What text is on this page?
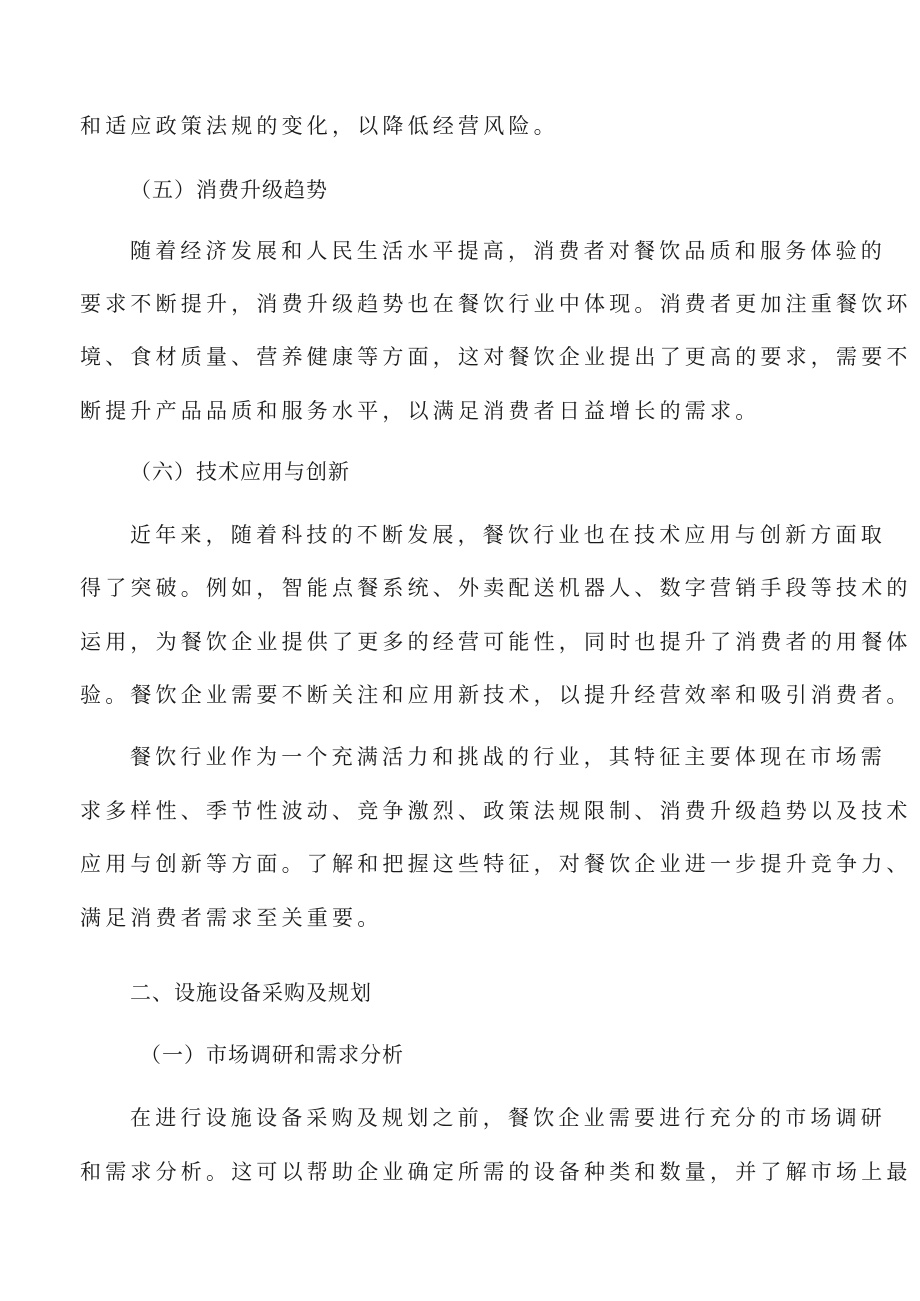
和适应政策法规的变化，以降低经营风险。
（五）消费升级趋势
随着经济发展和人民生活水平提高，消费者对餐饮品质和服务体验的
要求不断提升，消费升级趋势也在餐饮行业中体现。消费者更加注重餐饮环
境、食材质量、营养健康等方面，这对餐饮企业提出了更高的要求，需要不
断提升产品品质和服务水平，以满足消费者日益增长的需求。
（六）技术应用与创新
近年来，随着科技的不断发展，餐饮行业也在技术应用与创新方面取
得了突破。例如，智能点餐系统、外卖配送机器人、数字营销手段等技术的
运用，为餐饮企业提供了更多的经营可能性，同时也提升了消费者的用餐体
验。餐饮企业需要不断关注和应用新技术，以提升经营效率和吸引消费者。
餐饮行业作为一个充满活力和挑战的行业，其特征主要体现在市场需
求多样性、季节性波动、竞争激烈、政策法规限制、消费升级趋势以及技术
应用与创新等方面。了解和把握这些特征，对餐饮企业进一步提升竞争力、
满足消费者需求至关重要。
二、设施设备采购及规划
（一）市场调研和需求分析
在进行设施设备采购及规划之前，餐饮企业需要进行充分的市场调研
和需求分析。这可以帮助企业确定所需的设备种类和数量，并了解市场上最
